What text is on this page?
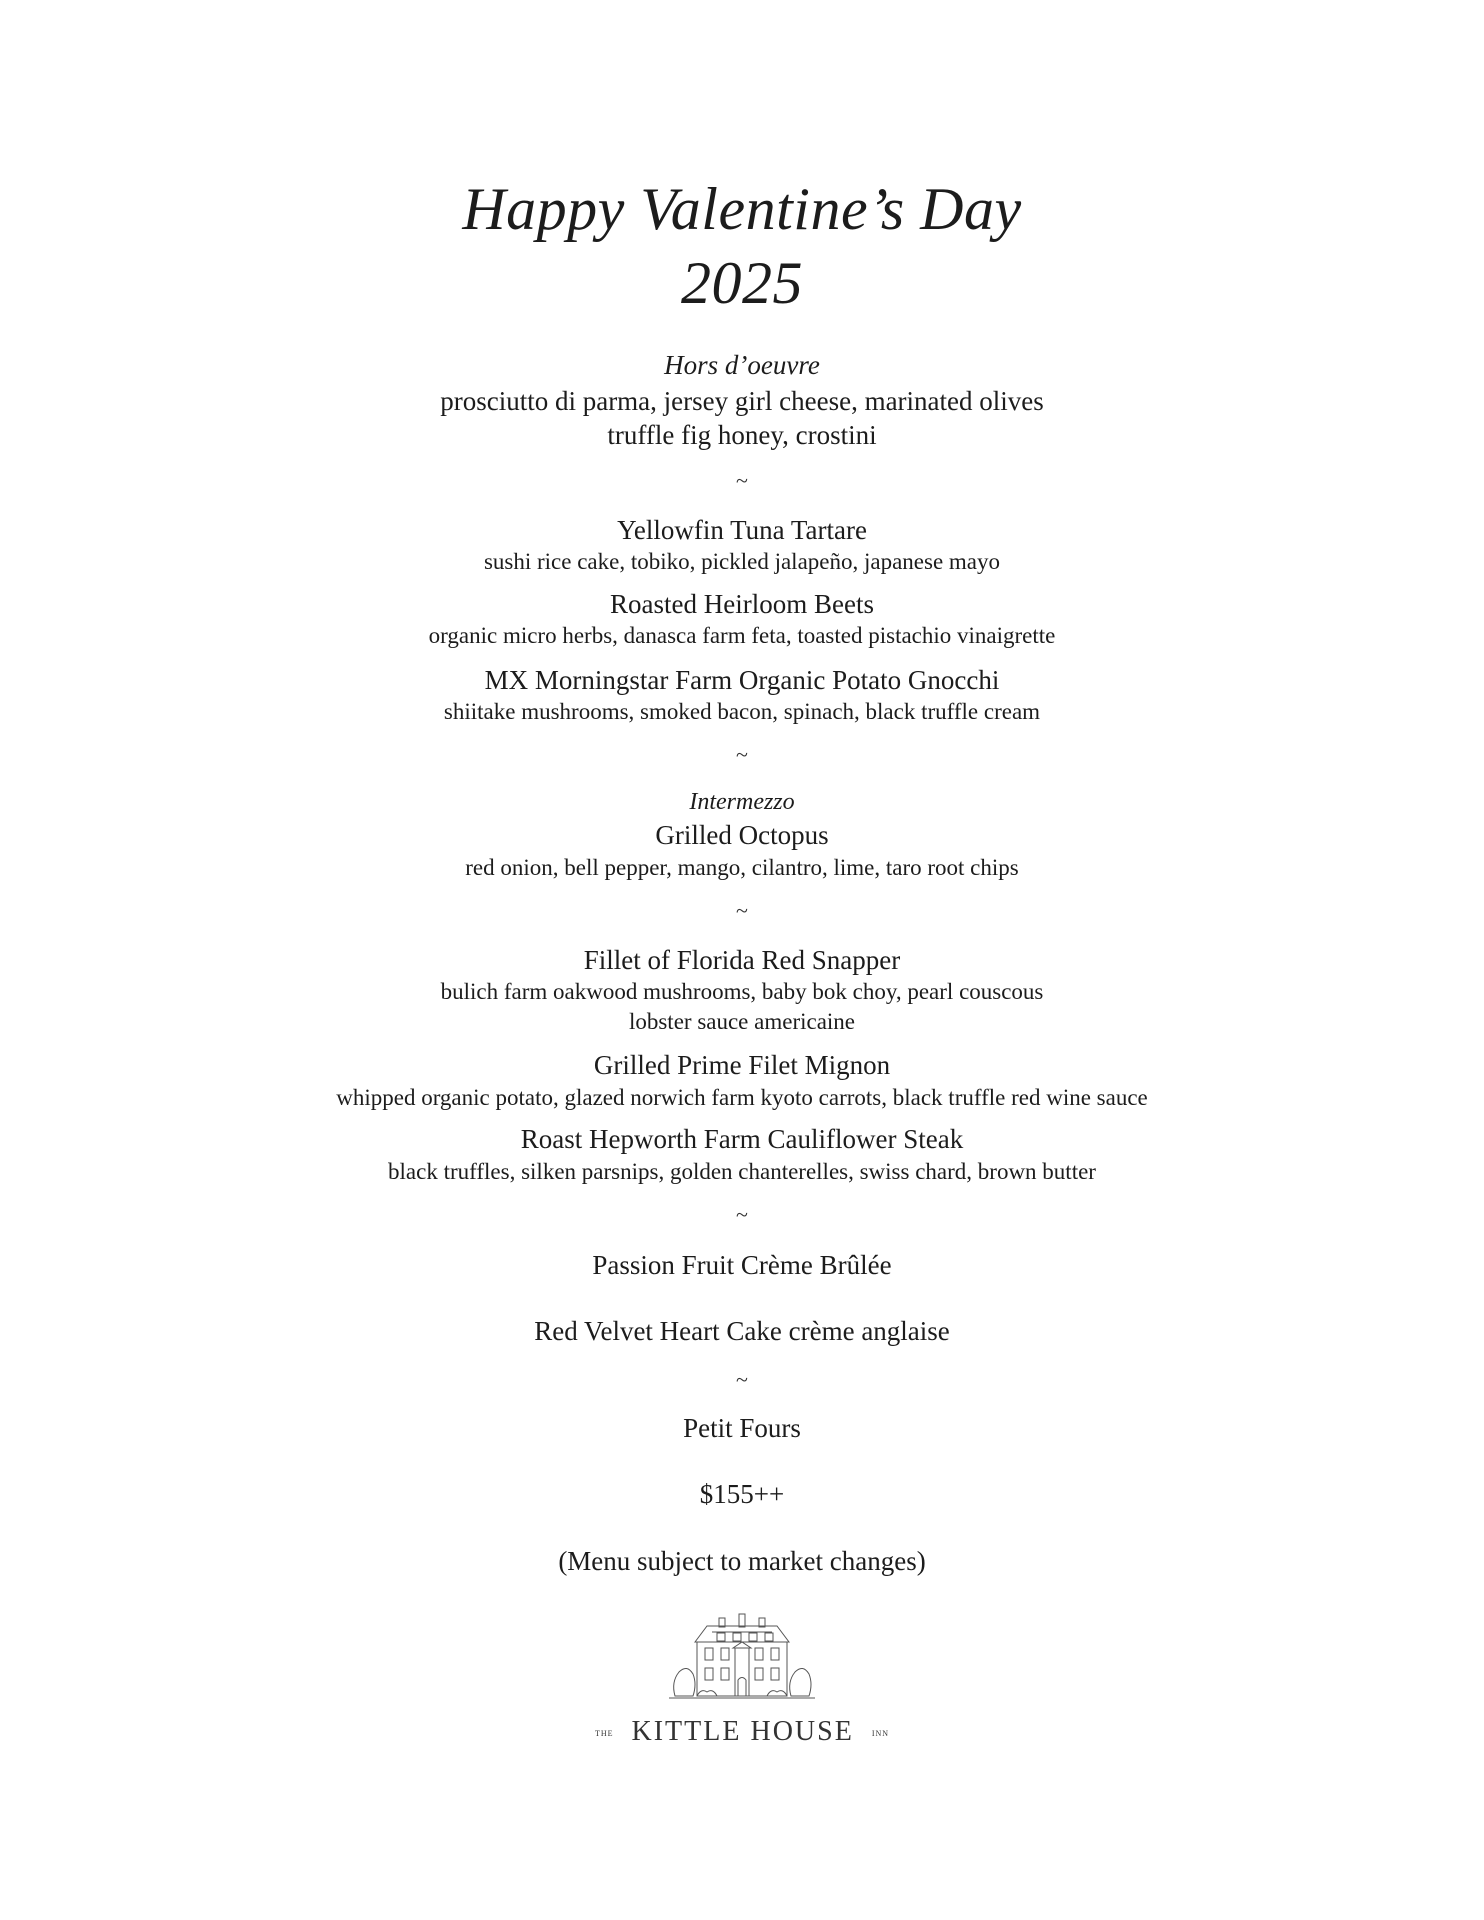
Happy Valentine’s Day
2025
Hors d’oeuvre
prosciutto di parma, jersey girl cheese, marinated olives
truffle fig honey, crostini
~
Yellowfin Tuna Tartare
sushi rice cake, tobiko, pickled jalapeño, japanese mayo
Roasted Heirloom Beets
organic micro herbs, danasca farm feta, toasted pistachio vinaigrette
MX Morningstar Farm Organic Potato Gnocchi
shiitake mushrooms, smoked bacon, spinach, black truffle cream
~
Intermezzo
Grilled Octopus
red onion, bell pepper, mango, cilantro, lime, taro root chips
~
Fillet of Florida Red Snapper
bulich farm oakwood mushrooms, baby bok choy, pearl couscous
lobster sauce americaine
Grilled Prime Filet Mignon
whipped organic potato, glazed norwich farm kyoto carrots, black truffle red wine sauce
Roast Hepworth Farm Cauliflower Steak
black truffles, silken parsnips, golden chanterelles, swiss chard, brown butter
~
Passion Fruit Crème Brûlée
Red Velvet Heart Cake crème anglaise
~
Petit Fours
$155++
(Menu subject to market changes)
THE KITTLE HOUSE INN
